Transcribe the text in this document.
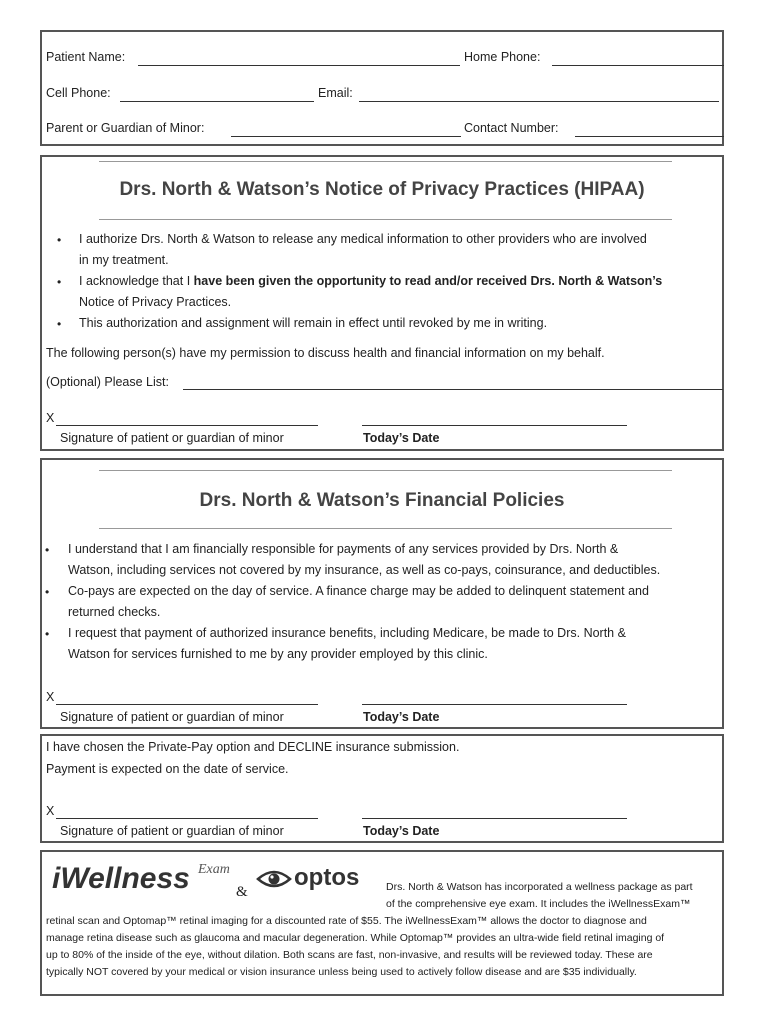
Patient Name:	Home Phone:
Cell Phone:	Email:
Parent or Guardian of Minor:	Contact Number:
Drs. North & Watson’s Notice of Privacy Practices (HIPAA)
• I authorize Drs. North & Watson to release any medical information to other providers who are involved
in my treatment.
• I acknowledge that I have been given the opportunity to read and/or received Drs. North & Watson’s
Notice of Privacy Practices.
• This authorization and assignment will remain in effect until revoked by me in writing.
The following person(s) have my permission to discuss health and financial information on my behalf.
(Optional) Please List:
X
Signature of patient or guardian of minor	Today’s Date
Drs. North & Watson’s Financial Policies
• I understand that I am financially responsible for payments of any services provided by Drs. North &
Watson, including services not covered by my insurance, as well as co-pays, coinsurance, and deductibles.
• Co-pays are expected on the day of service. A finance charge may be added to delinquent statement and
returned checks.
• I request that payment of authorized insurance benefits, including Medicare, be made to Drs. North &
Watson for services furnished to me by any provider employed by this clinic.
X
Signature of patient or guardian of minor	Today’s Date
I have chosen the Private-Pay option and DECLINE insurance submission.
Payment is expected on the date of service.
X
Signature of patient or guardian of minor	Today’s Date
iWellness Exam
&
optos	Drs. North & Watson has incorporated a wellness package as part
of the comprehensive eye exam. It includes the iWellnessExam™
retinal scan and Optomap™ retinal imaging for a discounted rate of $55. The iWellnessExam™ allows the doctor to diagnose and
manage retina disease such as glaucoma and macular degeneration. While Optomap™ provides an ultra-wide field retinal imaging of
up to 80% of the inside of the eye, without dilation. Both scans are fast, non-invasive, and results will be reviewed today. These are
typically NOT covered by your medical or vision insurance unless being used to actively follow disease and are $35 individually.
